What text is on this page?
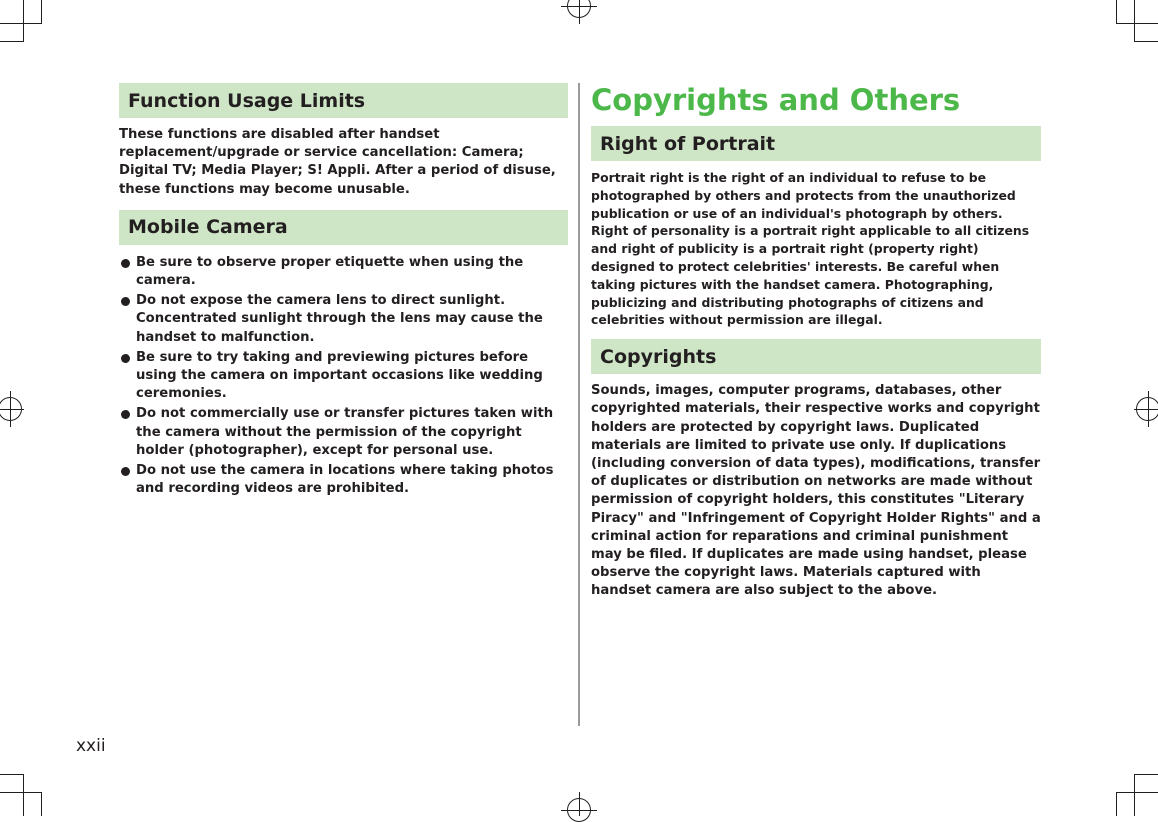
Function Usage Limits

These functions are disabled after handset replacement/upgrade or service cancellation: Camera; Digital TV; Media Player; S! Appli. After a period of disuse, these functions may become unusable.

Mobile Camera
Be sure to observe proper etiquette when using the camera.
Do not expose the camera lens to direct sunlight. Concentrated sunlight through the lens may cause the handset to malfunction.
Be sure to try taking and previewing pictures before using the camera on important occasions like wedding ceremonies.
Do not commercially use or transfer pictures taken with the camera without the permission of the copyright holder (photographer), except for personal use.
Do not use the camera in locations where taking photos and recording videos are prohibited.
Copyrights and Others
Right of Portrait

Portrait right is the right of an individual to refuse to be photographed by others and protects from the unauthorized publication or use of an individual's photograph by others. Right of personality is a portrait right applicable to all citizens and right of publicity is a portrait right (property right) designed to protect celebrities' interests. Be careful when taking pictures with the handset camera. Photographing, publicizing and distributing photographs of citizens and celebrities without permission are illegal.

Copyrights

Sounds, images, computer programs, databases, other copyrighted materials, their respective works and copyright holders are protected by copyright laws. Duplicated materials are limited to private use only. If duplications (including conversion of data types), modifications, transfer of duplicates or distribution on networks are made without permission of copyright holders, this constitutes "Literary Piracy" and "Infringement of Copyright Holder Rights" and a criminal action for reparations and criminal punishment may be filed. If duplicates are made using handset, please observe the copyright laws. Materials captured with handset camera are also subject to the above.

xxii
